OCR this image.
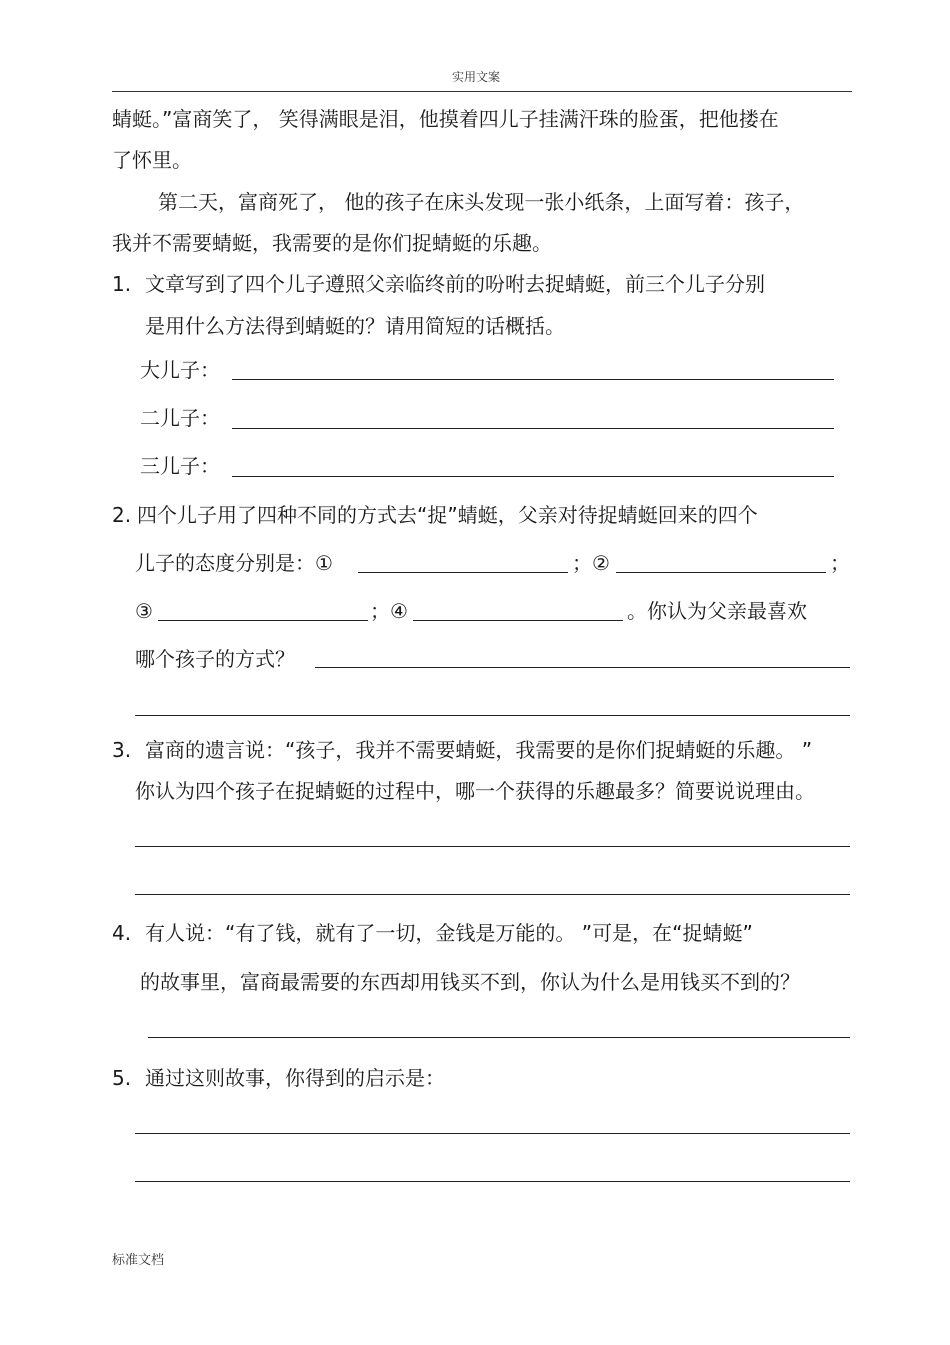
实用文案
蜻蜓。”富商笑了， 笑得满眼是泪，他摸着四儿子挂满汗珠的脸蛋，把他搂在
了怀里。
第二天，富商死了， 他的孩子在床头发现一张小纸条，上面写着：孩子，
我并不需要蜻蜓，我需要的是你们捉蜻蜓的乐趣。
1. 文章写到了四个儿子遵照父亲临终前的吩咐去捉蜻蜓，前三个儿子分别
是用什么方法得到蜻蜓的？请用简短的话概括。
大儿子：
二儿子：
三儿子：
2. 四个儿子用了四种不同的方式去“捉”蜻蜓，父亲对待捉蜻蜓回来的四个
儿子的态度分别是：①	；②	；
③	；④	。你认为父亲最喜欢
哪个孩子的方式？
3. 富商的遗言说：“孩子，我并不需要蜻蜓，我需要的是你们捉蜻蜓的乐趣。 ”
你认为四个孩子在捉蜻蜓的过程中，哪一个获得的乐趣最多？简要说说理由。
4. 有人说：“有了钱，就有了一切，金钱是万能的。 ”可是，在“捉蜻蜓”
的故事里，富商最需要的东西却用钱买不到，你认为什么是用钱买不到的？
5. 通过这则故事，你得到的启示是：
标准文档
